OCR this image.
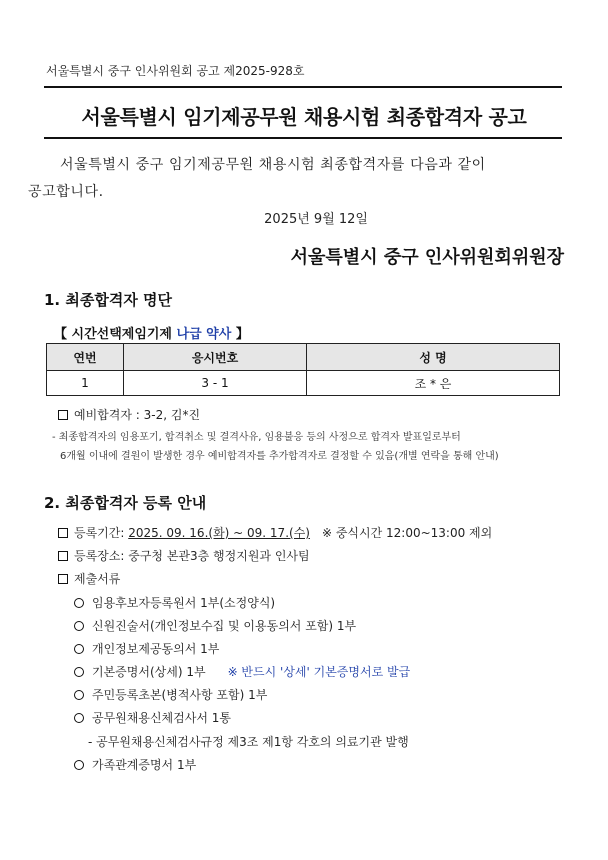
서울특별시 중구 인사위원회 공고 제2025-928호
서울특별시 임기제공무원 채용시험 최종합격자 공고
서울특별시 중구 임기제공무원 채용시험 최종합격자를 다음과 같이
공고합니다.
2025년 9월 12일
서울특별시 중구 인사위원회위원장
1. 최종합격자 명단
【 시간선택제임기제 나급 약사 】
연번	응시번호	성 명
1	3 - 1	조 * 은
예비합격자 : 3-2, 김*진
- 최종합격자의 임용포기, 합격취소 및 결격사유, 임용불응 등의 사정으로 합격자 발표일로부터
6개월 이내에 결원이 발생한 경우 예비합격자를 추가합격자로 결정할 수 있음(개별 연락을 통해 안내)
2. 최종합격자 등록 안내
등록기간: 2025. 09. 16.(화) ~ 09. 17.(수) ※ 중식시간 12:00~13:00 제외
등록장소: 중구청 본관3층 행정지원과 인사팀
제출서류
임용후보자등록원서 1부(소정양식)
신원진술서(개인정보수집 및 이용동의서 포함) 1부
개인정보제공동의서 1부
기본증명서(상세) 1부 ※ 반드시 '상세' 기본증명서로 발급
주민등록초본(병적사항 포함) 1부
공무원채용신체검사서 1통
- 공무원채용신체검사규정 제3조 제1항 각호의 의료기관 발행
가족관계증명서 1부
